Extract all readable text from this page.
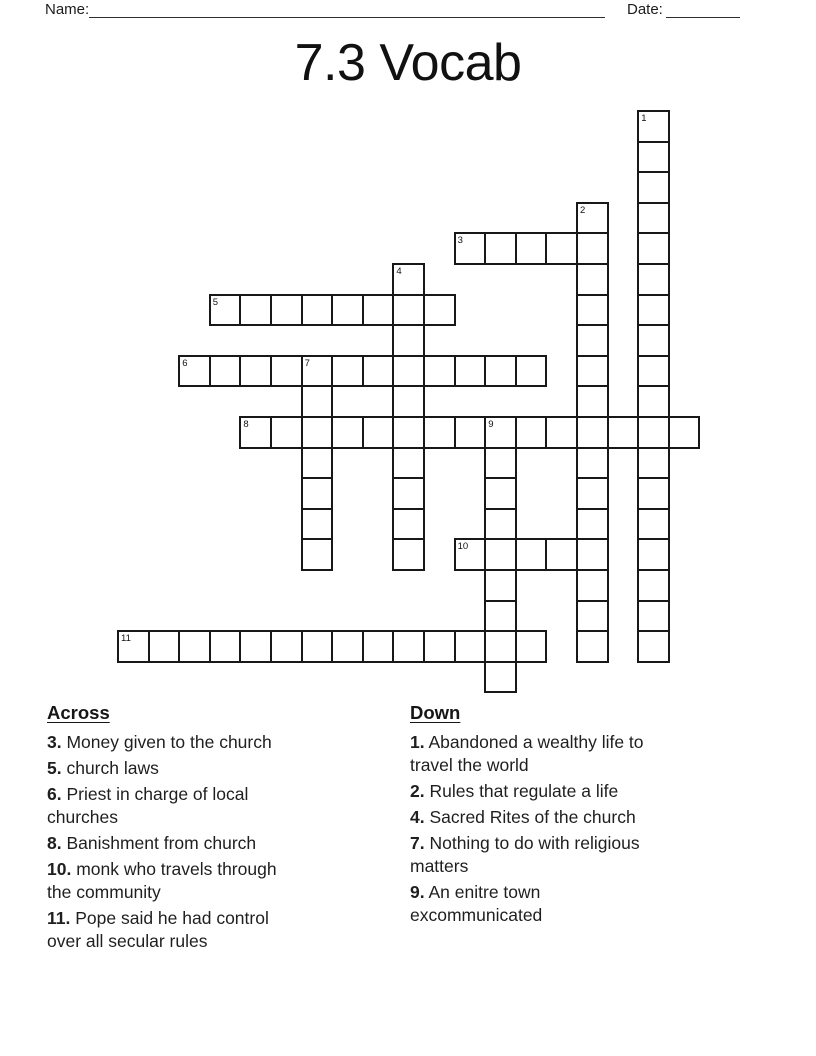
Name:	Date:
7.3 Vocab
1
2
3
4
5
6	7
8	9
10
11
Across
3. Money given to the church
5. church laws
6. Priest in charge of local
churches
8. Banishment from church
10. monk who travels through
the community
11. Pope said he had control
over all secular rules
Down
1. Abandoned a wealthy life to
travel the world
2. Rules that regulate a life
4. Sacred Rites of the church
7. Nothing to do with religious
matters
9. An enitre town
excommunicated
